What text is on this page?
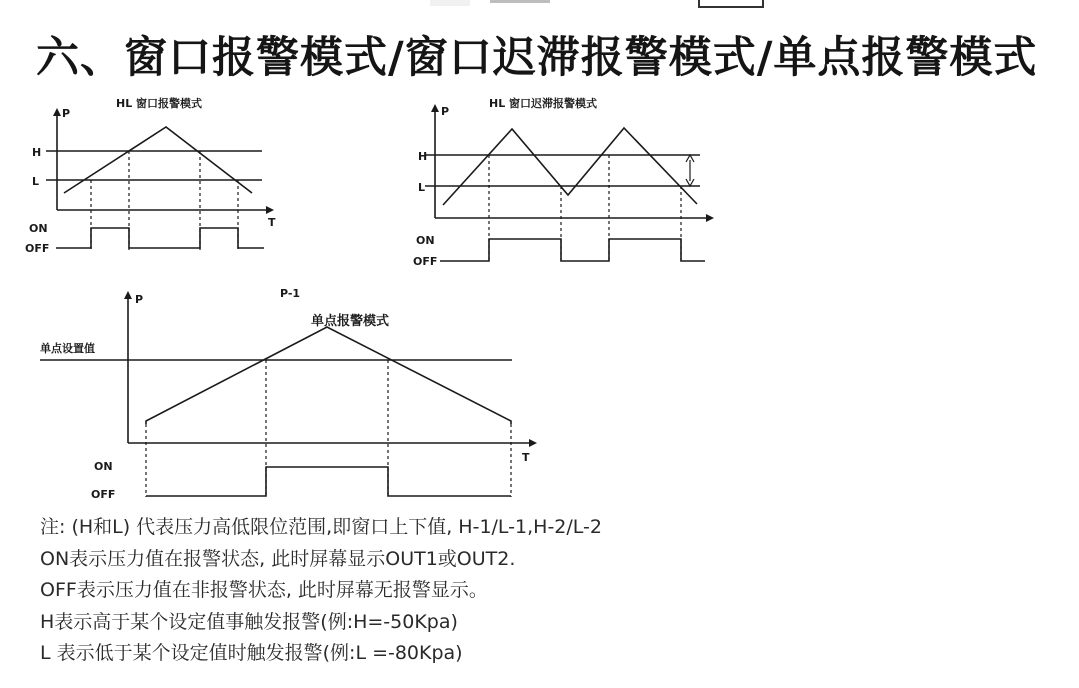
六、窗口报警模式/窗口迟滞报警模式/单点报警模式
HL 窗口报警模式
P
T
H
L
ON
OFF
HL 窗口迟滞报警模式
P
H
L
ON
OFF
P-1
单点报警模式
P
T
单点设置值
ON
OFF
注: (H和L) 代表压力高低限位范围,即窗口上下值, H-1/L-1,H-2/L-2
ON表示压力值在报警状态, 此时屏幕显示OUT1或OUT2.
OFF表示压力值在非报警状态, 此时屏幕无报警显示。
H表示高于某个设定值事触发报警(例:H=-50Kpa)
L 表示低于某个设定值时触发报警(例:L =-80Kpa)
